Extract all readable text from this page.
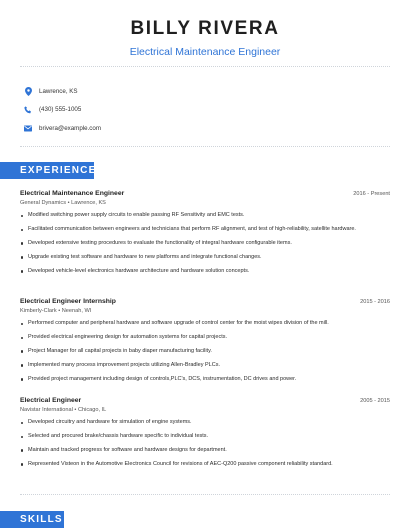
BILLY RIVERA
Electrical Maintenance Engineer
Lawrence, KS
(430) 555-1005
brivera@example.com
EXPERIENCE
Electrical Maintenance Engineer	2016 - Present
General Dynamics • Lawrence, KS
Modified switching power supply circuits to enable passing RF Sensitivity and EMC tests.
Facilitated communication between engineers and technicians that perform RF alignment, and test of high-reliability, satellite hardware.
Developed extensive testing procedures to evaluate the functionality of integral hardware configurable items.
Upgrade existing test software and hardware to new platforms and integrate functional changes.
Developed vehicle-level electronics hardware architecture and hardware solution concepts.
Electrical Engineer Internship	2015 - 2016
Kimberly-Clark • Neenah, WI
Performed computer and peripheral hardware and software upgrade of control center for the moist wipes division of the mill.
Provided electrical engineering design for automation systems for capital projects.
Project Manager for all capital projects in baby diaper manufacturing facility.
Implemented many process improvement projects utilizing Allen-Bradley PLCs.
Provided project management including design of controls,PLC's, DCS, instrumentation, DC drives and power.
Electrical Engineer	2005 - 2015
Navistar International • Chicago, IL
Developed circuitry and hardware for simulation of engine systems.
Selected and procured brake/chassis hardware specific to individual tests.
Maintain and tracked progress for software and hardware designs for department.
Represented Visteon in the Automotive Electronics Council for revisions of AEC-Q200 passive component reliability standard.
SKILLS
